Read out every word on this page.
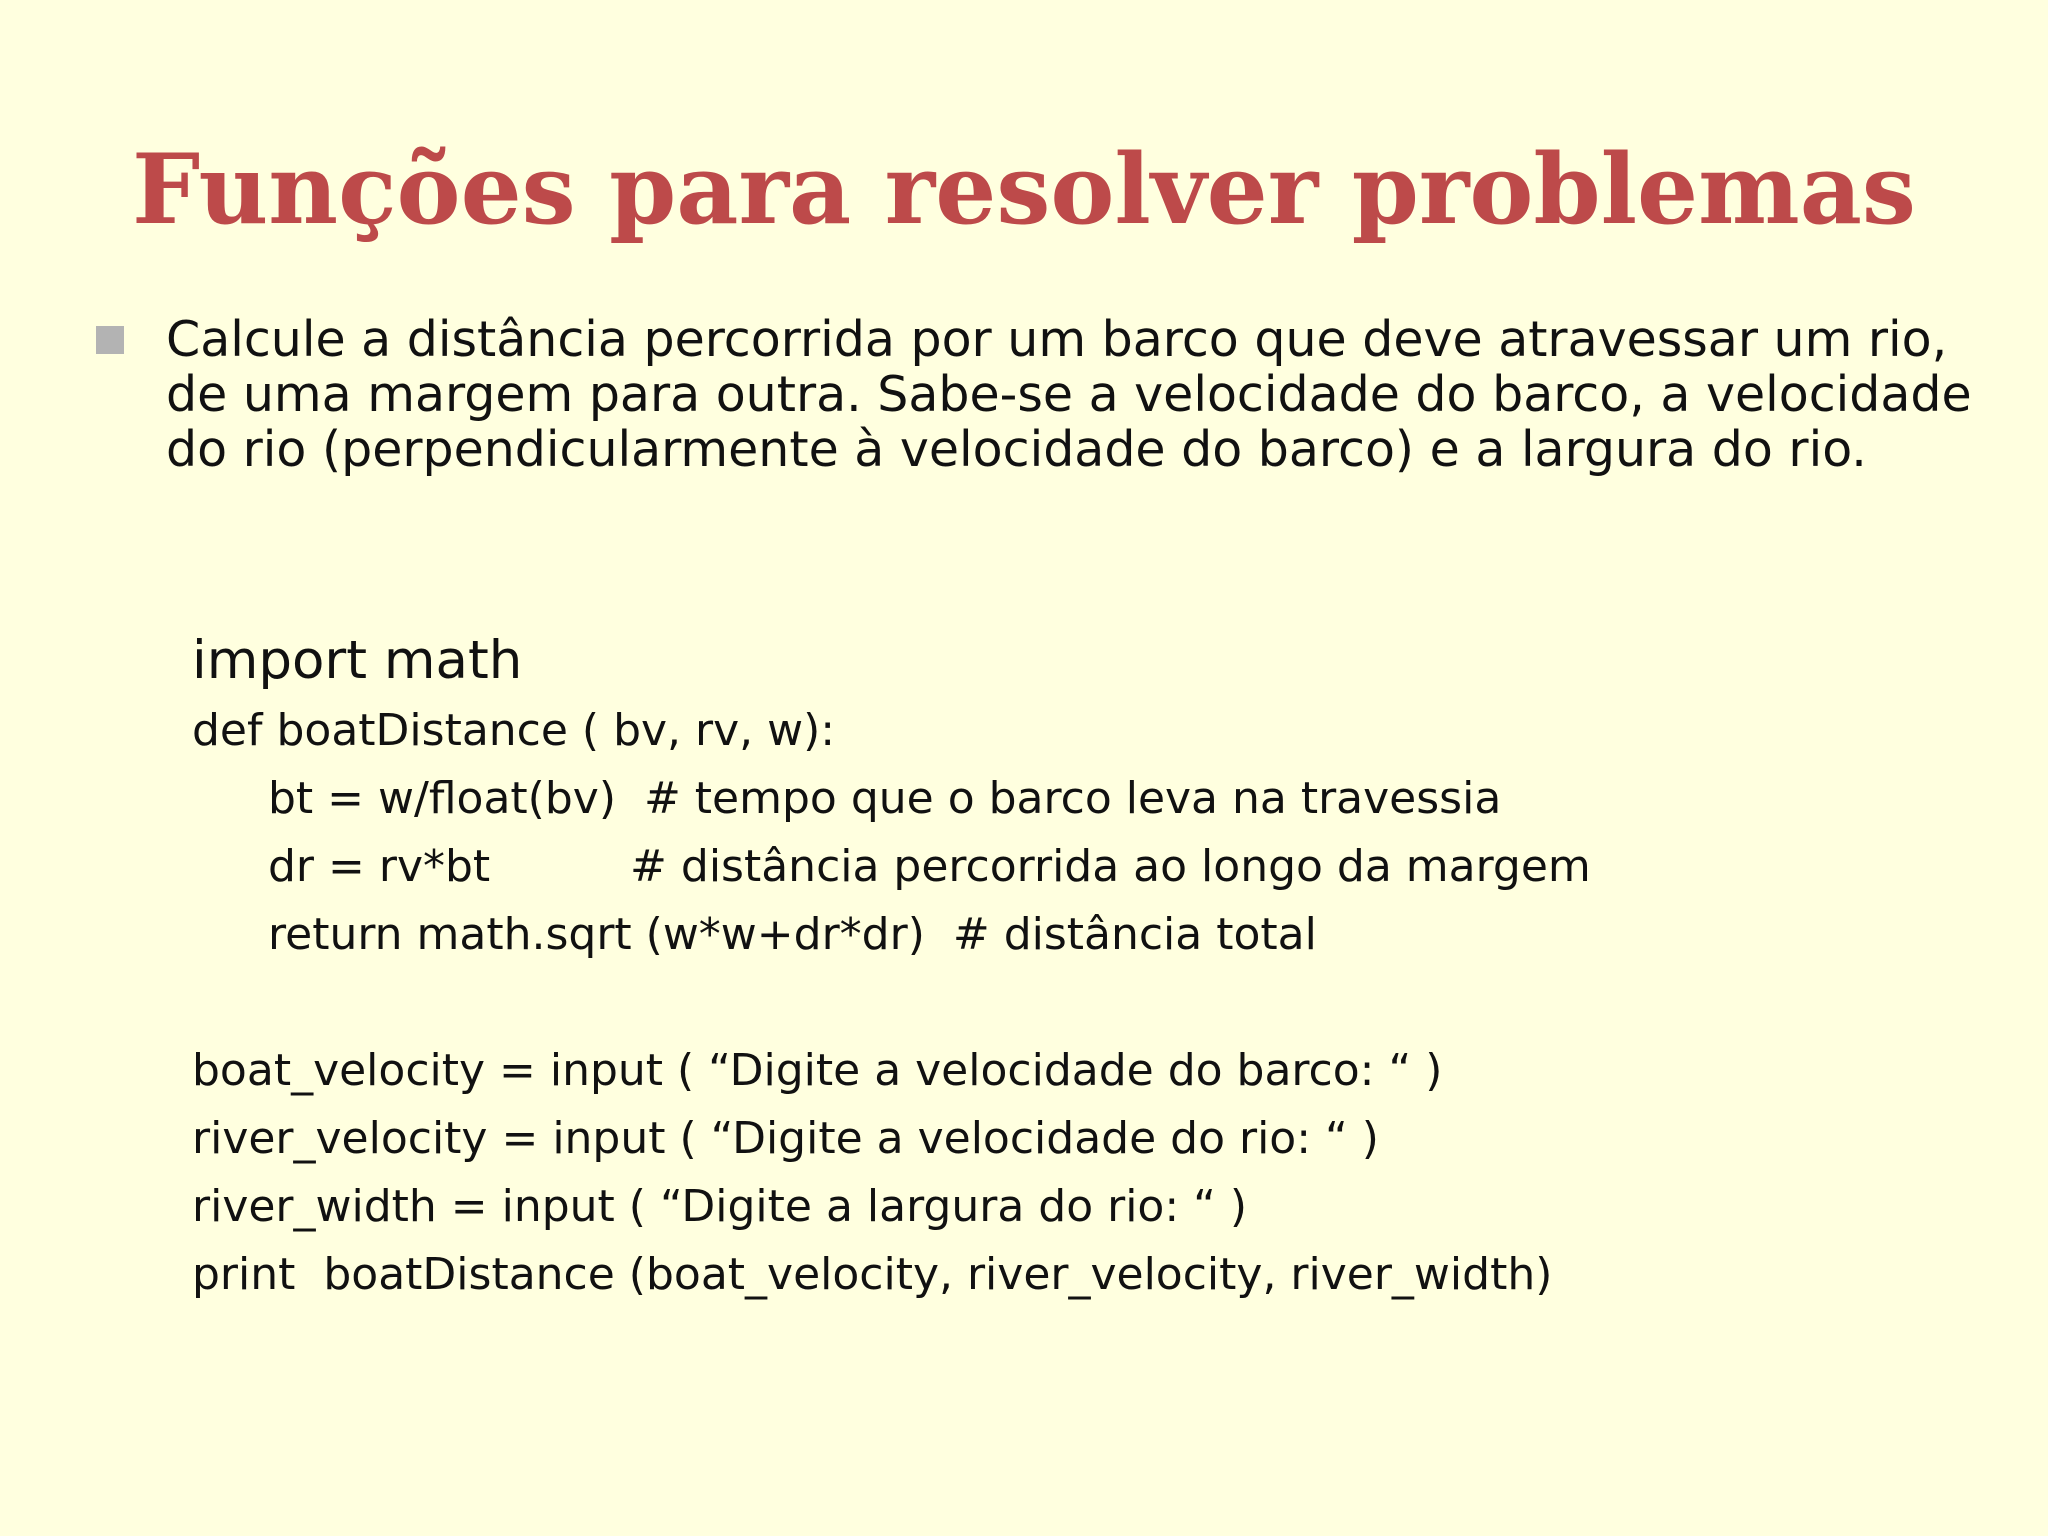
Funções para resolver problemas
Calcule a distância percorrida por um barco que deve atravessar um rio, de uma margem para outra. Sabe-se a velocidade do barco, a velocidade do rio (perpendicularmente à velocidade do barco) e a largura do rio.
import math
def boatDistance ( bv, rv, w):
bt = w/float(bv)  # tempo que o barco leva na travessia
dr = rv*bt          # distância percorrida ao longo da margem
return math.sqrt (w*w+dr*dr)  # distância total
boat_velocity = input ( “Digite a velocidade do barco: “ )
river_velocity = input ( “Digite a velocidade do rio: “ )
river_width = input ( “Digite a largura do rio: “ )
print  boatDistance (boat_velocity, river_velocity, river_width)
